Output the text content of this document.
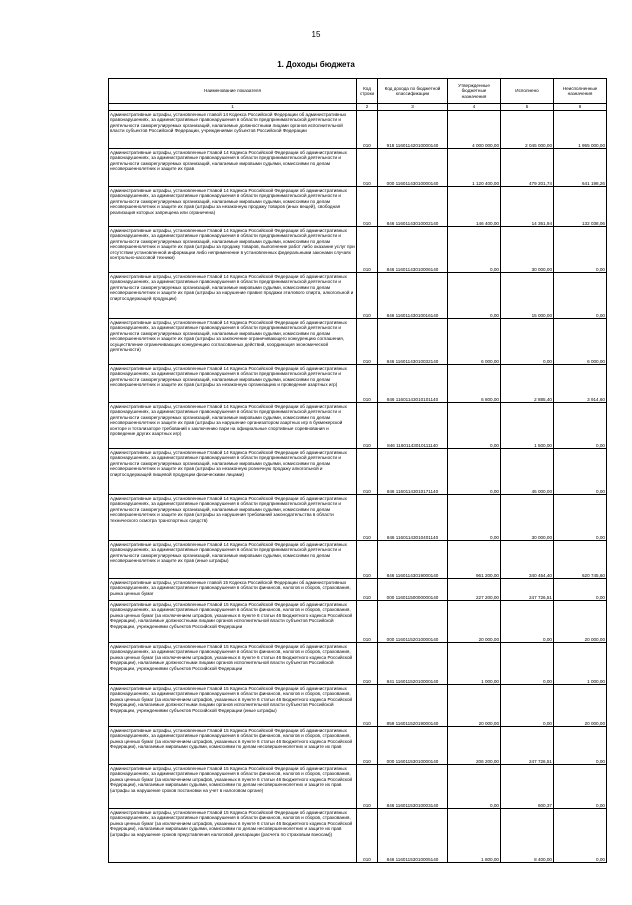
15
1. Доходы бюджета
Наименование показателя	Код строки	Код дохода по бюджетной классификации	Утвержденные бюджетные назначения	Исполнено	Неисполненные назначения
1	2	3	4	5	6
Административные штрафы, установленные главой 14 Кодекса Российской Федерации об административных правонарушениях, за административные правонарушения в области предпринимательской деятельности и деятельности саморегулируемых организаций, налагаемые должностными лицами органов исполнительной власти субъектов Российской Федерации, учреждениями субъектов Российской Федерации	010	918 11601142010000140	4 000 000,00	2 045 000,00	1 955 000,00
Административные штрафы, установленные Главой 14 Кодекса Российской Федерации об административных правонарушениях, за административные правонарушения в области предпринимательской деятельности и деятельности саморегулируемых организаций, налагаемые мировыми судьями, комиссиями по делам несовершеннолетних и защите их прав	010	000 11601143010000140	1 120 400,00	479 201,74	641 198,26
Административные штрафы, установленные Главой 14 Кодекса Российской Федерации об административных правонарушениях, за административные правонарушения в области предпринимательской деятельности и деятельности саморегулируемых организаций, налагаемые мировыми судьями, комиссиями по делам несовершеннолетних и защите их прав (штрафы за незаконную продажу товаров (иных вещей), свободная реализация которых запрещена или ограничена)	010	846 11601143010002140	146 400,00	14 361,94	132 038,06
Административные штрафы, установленные Главой 14 Кодекса Российской Федерации об административных правонарушениях, за административные правонарушения в области предпринимательской деятельности и деятельности саморегулируемых организаций, налагаемые мировыми судьями, комиссиями по делам несовершеннолетних и защите их прав (штрафы за продажу товаров, выполнение работ либо оказание услуг при отсутствии установленной информации либо неприменение в установленных федеральными законами случаях контрольно-кассовой техники)	010	846 11601143010006140	0,00	30 000,00	0,00
Административные штрафы, установленные Главой 14 Кодекса Российской Федерации об административных правонарушениях, за административные правонарушения в области предпринимательской деятельности и деятельности саморегулируемых организаций, налагаемые мировыми судьями, комиссиями по делам несовершеннолетних и защите их прав (штрафы за нарушение правил продажи этилового спирта, алкогольной и спиртосодержащей продукции)	010	846 11601143010016140	0,00	15 000,00	0,00
Административные штрафы, установленные Главой 14 Кодекса Российской Федерации об административных правонарушениях, за административные правонарушения в области предпринимательской деятельности и деятельности саморегулируемых организаций, налагаемые мировыми судьями, комиссиями по делам несовершеннолетних и защите их прав (штрафы за заключение ограничивающего конкуренцию соглашения, осуществление ограничивающих конкуренцию согласованных действий, координация экономической деятельности)	010	846 11601143010032140	6 000,00	0,00	6 000,00
Административные штрафы, установленные Главой 14 Кодекса Российской Федерации об административных правонарушениях, за административные правонарушения в области предпринимательской деятельности и деятельности саморегулируемых организаций, налагаемые мировыми судьями, комиссиями по делам несовершеннолетних и защите их прав (штрафы за незаконную организацию и проведение азартных игр)	010	846 11601143010101140	6 800,00	2 885,40	3 914,60
Административные штрафы, установленные Главой 14 Кодекса Российской Федерации об административных правонарушениях, за административные правонарушения в области предпринимательской деятельности и деятельности саморегулируемых организаций, налагаемые мировыми судьями, комиссиями по делам несовершеннолетних и защите их прав (штрафы за нарушение организатором азартных игр в букмекерской конторе и тотализаторе требований к заключению пари на официальные спортивные соревнования и проведение других азартных игр)	010	846 11601143010111140	0,00	1 500,00	0,00
Административные штрафы, установленные Главой 14 Кодекса Российской Федерации об административных правонарушениях, за административные правонарушения в области предпринимательской деятельности и деятельности саморегулируемых организаций, налагаемые мировыми судьями, комиссиями по делам несовершеннолетних и защите их прав (штрафы за незаконную розничную продажу алкогольной и спиртосодержащей пищевой продукции физическими лицами)	010	846 11601143010171140	0,00	45 000,00	0,00
Административные штрафы, установленные Главой 14 Кодекса Российской Федерации об административных правонарушениях, за административные правонарушения в области предпринимательской деятельности и деятельности саморегулируемых организаций, налагаемые мировыми судьями, комиссиями по делам несовершеннолетних и защите их прав (штрафы за нарушения требований законодательства в области технического осмотра транспортных средств)	010	846 11601143010401140	0,00	30 000,00	0,00
Административные штрафы, установленные Главой 14 Кодекса Российской Федерации об административных правонарушениях, за административные правонарушения в области предпринимательской деятельности и деятельности саморегулируемых организаций, налагаемые мировыми судьями, комиссиями по делам несовершеннолетних и защите их прав (иные штрафы)	010	846 11601143019000140	961 200,00	340 454,40	620 745,60
Административные штрафы, установленные главой 15 Кодекса Российской Федерации об административных правонарушениях, за административные правонарушения в области финансов, налогов и сборов, страхования, рынка ценных бумаг	010	000 11601150000000140	227 200,00	247 726,51	0,00
Административные штрафы, установленные Главой 15 Кодекса Российской Федерации об административных правонарушениях, за административные правонарушения в области финансов, налогов и сборов, страхования, рынка ценных бумаг (за исключением штрафов, указанных в пункте 6 статьи 46 Бюджетного кодекса Российской Федерации), налагаемые должностными лицами органов исполнительной власти субъектов Российской Федерации, учреждениями субъектов Российской Федерации	010	000 11601152010000140	20 000,00	0,00	20 000,00
Административные штрафы, установленные Главой 15 Кодекса Российской Федерации об административных правонарушениях, за административные правонарушения в области финансов, налогов и сборов, страхования, рынка ценных бумаг (за исключением штрафов, указанных в пункте 6 статьи 46 Бюджетного кодекса Российской Федерации), налагаемые должностными лицами органов исполнительной власти субъектов Российской Федерации, учреждениями субъектов Российской Федерации	010	841 11601152010000140	1 000,00	0,00	1 000,00
Административные штрафы, установленные Главой 15 Кодекса Российской Федерации об административных правонарушениях, за административные правонарушения в области финансов, налогов и сборов, страхования, рынка ценных бумаг (за исключением штрафов, указанных в пункте 6 статьи 46 Бюджетного кодекса Российской Федерации), налагаемые должностными лицами органов исполнительной власти субъектов Российской Федерации, учреждениями субъектов Российской Федерации (иные штрафы)	010	859 11601152019000140	20 000,00	0,00	20 000,00
Административные штрафы, установленные Главой 15 Кодекса Российской Федерации об административных правонарушениях, за административные правонарушения в области финансов, налогов и сборов, страхования, рынка ценных бумаг (за исключением штрафов, указанных в пункте 6 статьи 46 Бюджетного кодекса Российской Федерации), налагаемые мировыми судьями, комиссиями по делам несовершеннолетних и защите их прав	010	000 11601153010000140	206 200,00	247 726,51	0,00
Административные штрафы, установленные Главой 15 Кодекса Российской Федерации об административных правонарушениях, за административные правонарушения в области финансов, налогов и сборов, страхования, рынка ценных бумаг (за исключением штрафов, указанных в пункте 6 статьи 46 Бюджетного кодекса Российской Федерации), налагаемые мировыми судьями, комиссиями по делам несовершеннолетних и защите их прав (штрафы за нарушение сроков постановки на учет в налоговом органе)	010	846 11601153010003140	0,00	600,37	0,00
Административные штрафы, установленные Главой 15 Кодекса Российской Федерации об административных правонарушениях, за административные правонарушения в области финансов, налогов и сборов, страхования, рынка ценных бумаг (за исключением штрафов, указанных в пункте 6 статьи 46 Бюджетного кодекса Российской Федерации), налагаемые мировыми судьями, комиссиями по делам несовершеннолетних и защите их прав (штрафы за нарушение сроков представления налоговой декларации (расчета по страховым взносам))	010	846 11601153010005140	1 800,00	8 400,00	0,00
